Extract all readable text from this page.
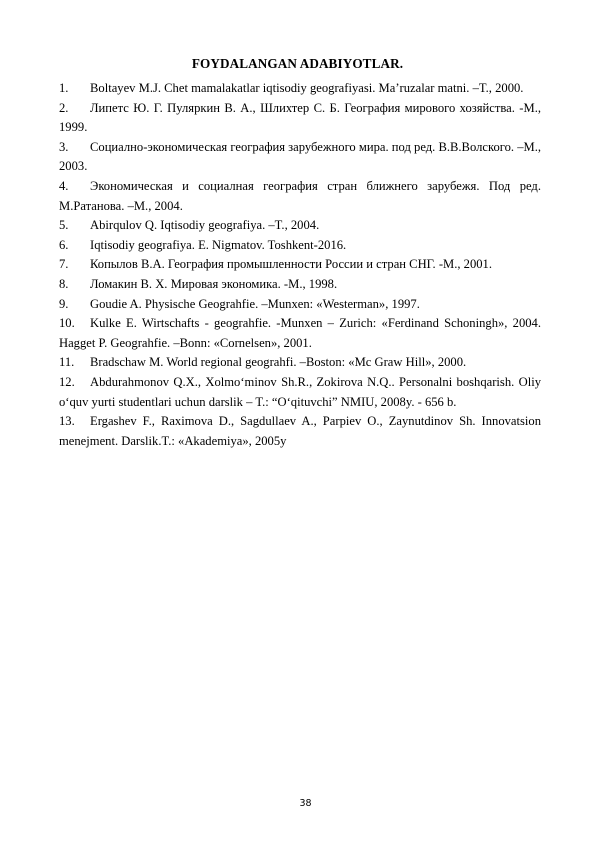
FOYDALANGAN ADABIYOTLAR.
1.	Boltayev M.J. Chet mamalakatlar iqtisodiy geografiyasi. Ma’ruzalar matni. –T., 2000.
2.	Липетс Ю. Г. Пуляркин В. А., Шлихтер С. Б. География мирового хозяйства. -М., 1999.
3.	Социално-экономическая география зарубежного мира. под ред. В.В.Волского. –М., 2003.
4.	Экономическая и социалная география стран ближнего зарубежя. Под ред. М.Ратанова. –М., 2004.
5.	Abirqulov Q. Iqtisodiy geografiya. –T., 2004.
6.	Iqtisodiy geografiya. E. Nigmatov. Toshkent-2016.
7.	Копылов В.А. География промышленности России и стран СНГ. -М., 2001.
8.	Ломакин В. Х. Мировая экономика. -М., 1998.
9.	Goudie A. Physische Geograhfie. –Munxen: «Westerman», 1997.
10.	Kulke E. Wirtschafts - geograhfie. -Munxen – Zurich: «Ferdinand Schoningh», 2004. Hagget P. Geograhfie. –Bonn: «Cornelsen», 2001.
11.	Bradschaw M. World regional geograhfi. –Boston: «Mc Graw Hill», 2000.
12.	Abdurahmonov Q.X., Xolmo‘minov Sh.R., Zokirova N.Q.. Personalni boshqarish. Oliy o‘quv yurti studentlari uchun darslik – T.: “O‘qituvchi” NMIU, 2008y. - 656 b.
13.	Ergashev F., Raximova D., Sagdullaev A., Parpiev O., Zaynutdinov Sh. Innovatsion menejment. Darslik.T.: «Akademiya», 2005y
38
